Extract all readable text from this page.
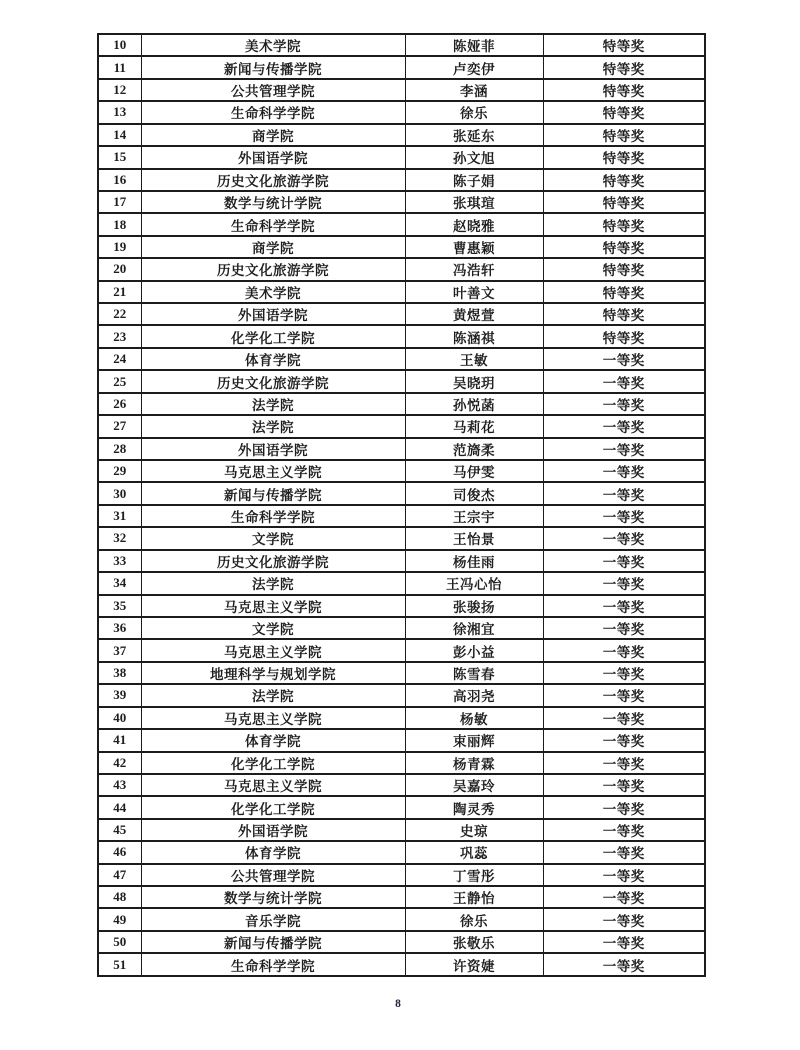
10	美术学院	陈娅菲	特等奖
11	新闻与传播学院	卢奕伊	特等奖
12	公共管理学院	李涵	特等奖
13	生命科学学院	徐乐	特等奖
14	商学院	张延东	特等奖
15	外国语学院	孙文旭	特等奖
16	历史文化旅游学院	陈子娟	特等奖
17	数学与统计学院	张琪瑄	特等奖
18	生命科学学院	赵晓雅	特等奖
19	商学院	曹惠颖	特等奖
20	历史文化旅游学院	冯浩轩	特等奖
21	美术学院	叶善文	特等奖
22	外国语学院	黄煜萱	特等奖
23	化学化工学院	陈涵祺	特等奖
24	体育学院	王敏	一等奖
25	历史文化旅游学院	吴晓玥	一等奖
26	法学院	孙悦菡	一等奖
27	法学院	马莉花	一等奖
28	外国语学院	范旖柔	一等奖
29	马克思主义学院	马伊雯	一等奖
30	新闻与传播学院	司俊杰	一等奖
31	生命科学学院	王宗宇	一等奖
32	文学院	王怡景	一等奖
33	历史文化旅游学院	杨佳雨	一等奖
34	法学院	王冯心怡	一等奖
35	马克思主义学院	张骏扬	一等奖
36	文学院	徐湘宜	一等奖
37	马克思主义学院	彭小益	一等奖
38	地理科学与规划学院	陈雪春	一等奖
39	法学院	高羽尧	一等奖
40	马克思主义学院	杨敏	一等奖
41	体育学院	束丽辉	一等奖
42	化学化工学院	杨青霖	一等奖
43	马克思主义学院	吴嘉玲	一等奖
44	化学化工学院	陶灵秀	一等奖
45	外国语学院	史琼	一等奖
46	体育学院	巩蕊	一等奖
47	公共管理学院	丁雪彤	一等奖
48	数学与统计学院	王静怡	一等奖
49	音乐学院	徐乐	一等奖
50	新闻与传播学院	张敬乐	一等奖
51	生命科学学院	许资婕	一等奖
8
